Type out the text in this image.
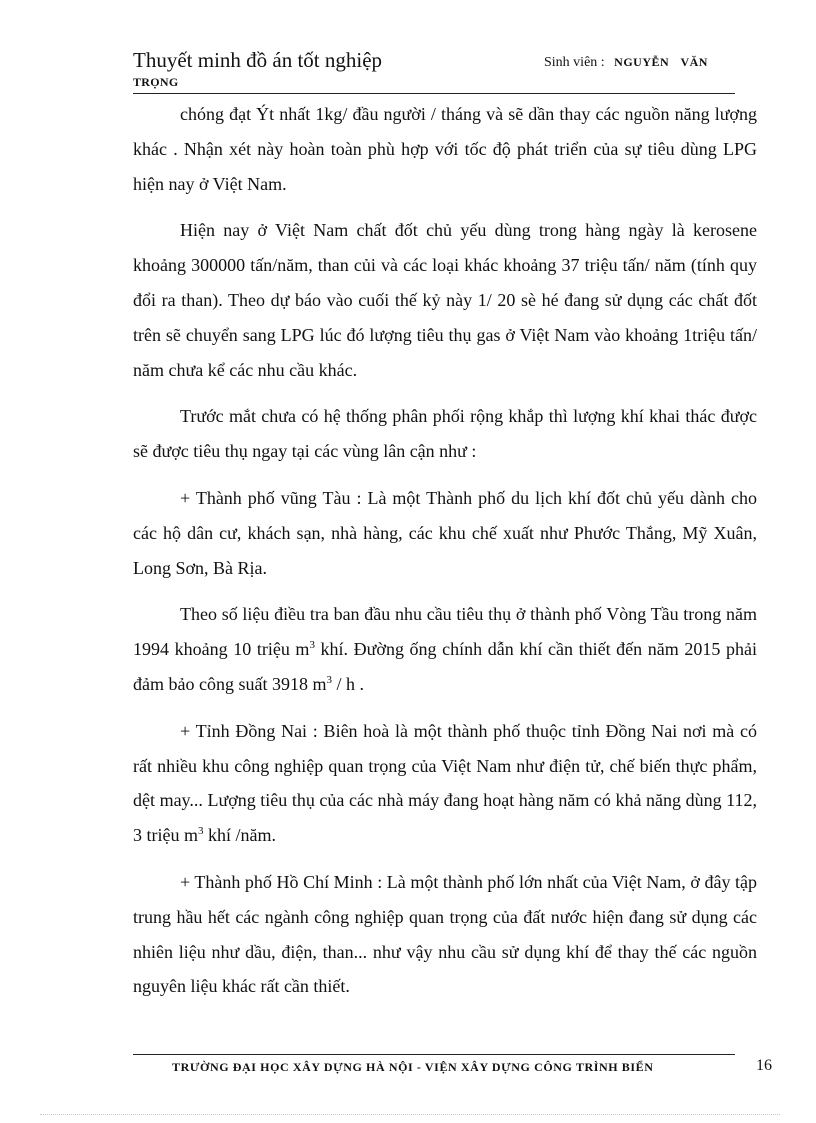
Thuyết minh đồ án tốt nghiệp	Sinh viên : NGUYỄN VĂN
TRỌNG

chóng đạt Ýt nhất 1kg/ đầu người / tháng và sẽ dần thay các nguồn năng lượng khác . Nhận xét này hoàn toàn phù hợp với tốc độ phát triển của sự tiêu dùng LPG hiện nay ở Việt Nam.

Hiện nay ở Việt Nam chất đốt chủ yếu dùng trong hàng ngày là kerosene khoảng 300000 tấn/năm, than củi và các loại khác khoảng 37 triệu tấn/ năm (tính quy đổi ra than). Theo dự báo vào cuối thế kỷ này 1/ 20 sè hé đang sử dụng các chất đốt trên sẽ chuyển sang LPG lúc đó lượng tiêu thụ gas ở Việt Nam vào khoảng 1triệu tấn/ năm chưa kể các nhu cầu khác.

Trước mắt chưa có hệ thống phân phối rộng khắp thì lượng khí khai thác được sẽ được tiêu thụ ngay tại các vùng lân cận như :

+ Thành phố vũng Tàu : Là một Thành phố du lịch khí đốt chủ yếu dành cho các hộ dân cư, khách sạn, nhà hàng, các khu chế xuất như Phước Thắng, Mỹ Xuân, Long Sơn, Bà Rịa.

Theo số liệu điều tra ban đầu nhu cầu tiêu thụ ở thành phố Vòng Tầu trong năm 1994 khoảng 10 triệu $m^3$ khí. Đường ống chính dẫn khí cần thiết đến năm 2015 phải đảm bảo công suất 3918 $m^3$ / h .

+ Tỉnh Đồng Nai : Biên hoà là một thành phố thuộc tỉnh Đồng Nai nơi mà có rất nhiều khu công nghiệp quan trọng của Việt Nam như điện tử, chế biến thực phẩm, dệt may... Lượng tiêu thụ của các nhà máy đang hoạt hàng năm có khả năng dùng 112, 3 triệu $m^3$ khí /năm.

+ Thành phố Hồ Chí Minh : Là một thành phố lớn nhất của Việt Nam, ở đây tập trung hầu hết các ngành công nghiệp quan trọng của đất nước hiện đang sử dụng các nhiên liệu như dầu, điện, than... như vậy nhu cầu sử dụng khí để thay thế các nguồn nguyên liệu khác rất cần thiết.

TRƯỜNG ĐẠI HỌC XÂY DỰNG HÀ NỘI - VIỆN XÂY DỰNG CÔNG TRÌNH BIỂN	16
